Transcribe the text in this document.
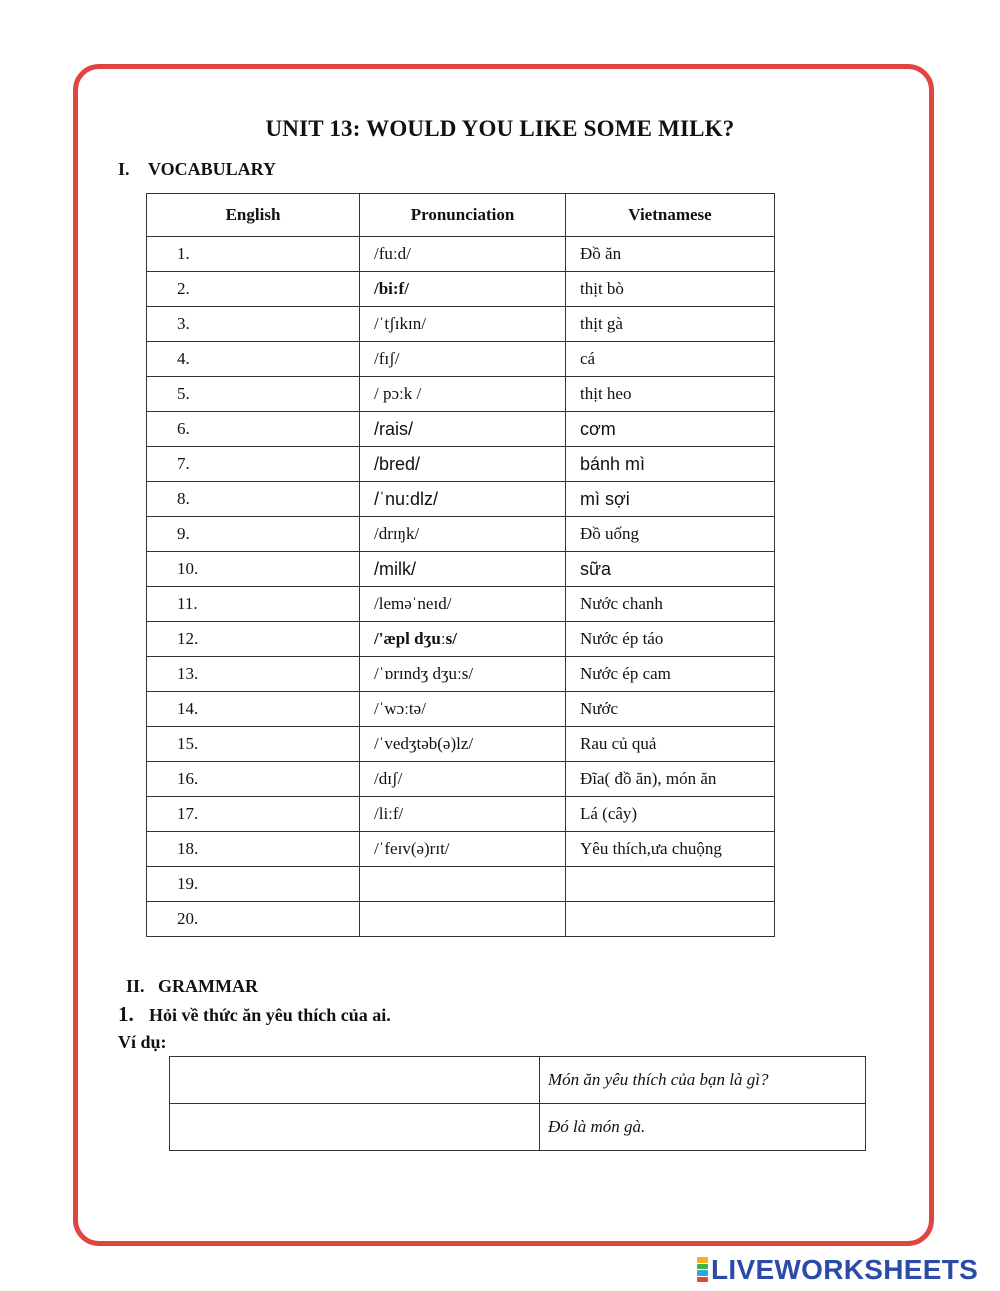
UNIT 13: WOULD YOU LIKE SOME MILK?
I. VOCABULARY
English	Pronunciation	Vietnamese
1.	/fuːd/	Đồ ăn
2.	/bi:f/	thịt bò
3.	/ˈtʃɪkɪn/	thịt gà
4.	/fɪʃ/	cá
5.	/ pɔːk /	thịt heo
6.	/rais/	cơm
7.	/bred/	bánh mì
8.	/ˈnu:dlz/	mì sợi
9.	/drɪŋk/	Đồ uống
10.	/milk/	sữa
11.	/leməˈneɪd/	Nước chanh
12.	/'æpl dʒuːs/	Nước ép táo
13.	/ˈɒrɪndʒ dʒuːs/	Nước ép cam
14.	/ˈwɔːtə/	Nước
15.	/ˈvedʒtəb(ə)lz/	Rau củ quả
16.	/dɪʃ/	Đĩa( đồ ăn), món ăn
17.	/liːf/	Lá (cây)
18.	/ˈfeɪv(ə)rɪt/	Yêu thích,ưa chuộng
19.		
20.		
II. GRAMMAR
1. Hỏi về thức ăn yêu thích của ai.
Ví dụ:
	Món ăn yêu thích của bạn là gì?
	Đó là món gà.
LIVEWORKSHEETS
